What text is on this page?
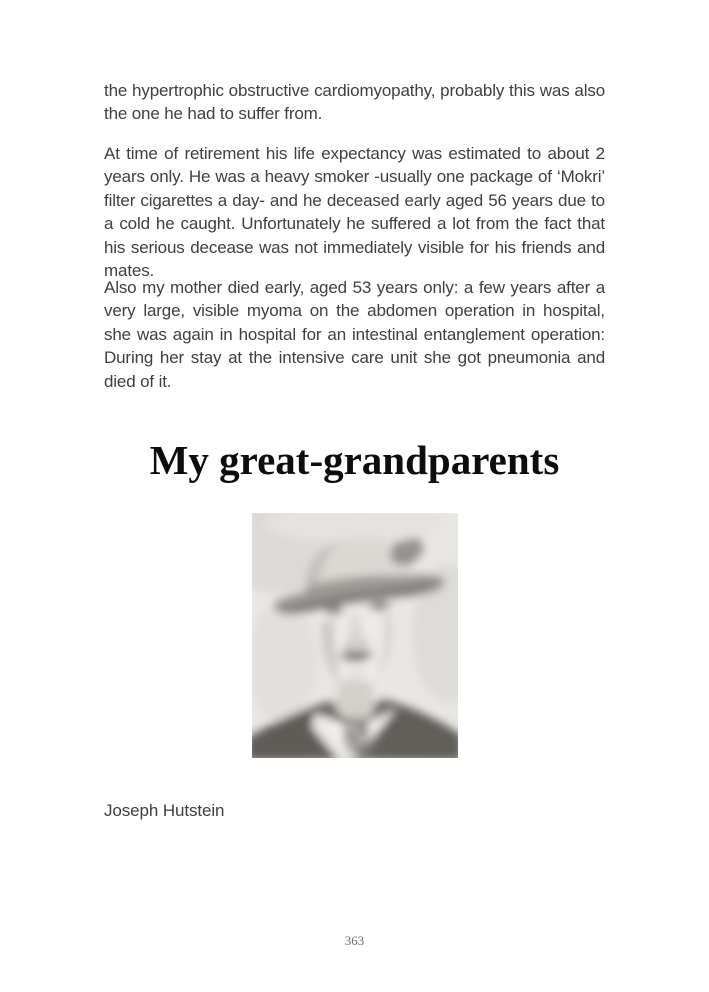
the hypertrophic obstructive cardiomyopathy, probably this was also the one he had to suffer from.

At time of retirement his life expectancy was estimated to about 2 years only. He was a heavy smoker -usually one package of ‘Mokri’ filter cigarettes a day- and he deceased early aged 56 years due to a cold he caught. Unfortunately he suffered a lot from the fact that his serious decease was not immediately visible for his friends and mates.

Also my mother died early, aged 53 years only: a few years after a very large, visible myoma on the abdomen operation in hospital, she was again in hospital for an intestinal entanglement operation: During her stay at the intensive care unit she got pneumonia and died of it.

My great-grandparents

Joseph Hutstein

363
